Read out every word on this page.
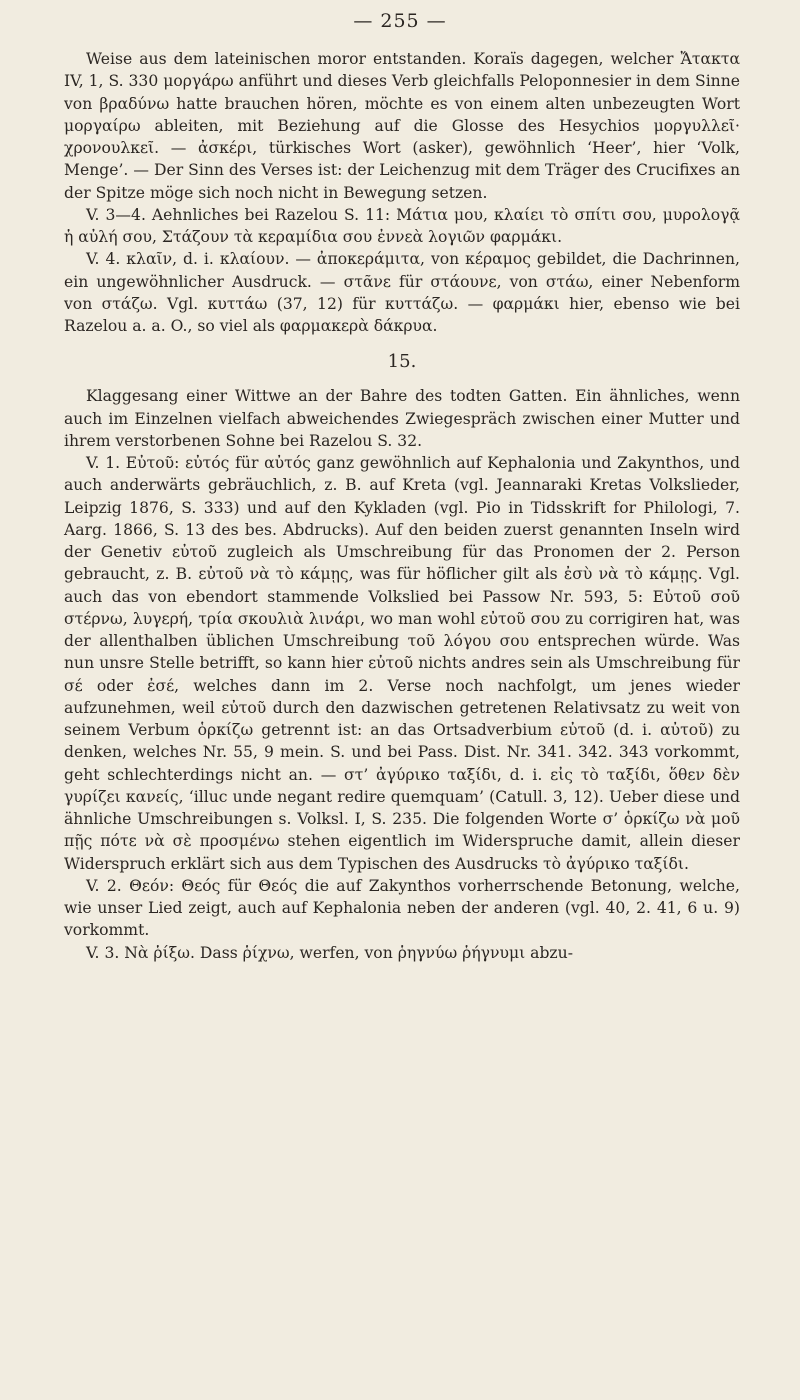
— 255 —

Weise aus dem lateinischen moror entstanden. Koraïs dagegen, welcher Ἄτακτα IV, 1, S. 330 μοργάρω anführt und dieses Verb gleichfalls Peloponnesier in dem Sinne von βραδύνω hatte brauchen hören, möchte es von einem alten unbezeugten Wort μοργαίρω ableiten, mit Beziehung auf die Glosse des Hesychios μοργυλλεῖ· χρονουλκεῖ. — ἀσκέρι, türkisches Wort (asker), gewöhnlich ‘Heer’, hier ‘Volk, Menge’. — Der Sinn des Verses ist: der Leichenzug mit dem Träger des Crucifixes an der Spitze möge sich noch nicht in Bewegung setzen.

V. 3—4. Aehnliches bei Razelou S. 11: Μάτια μου, κλαίει τὸ σπίτι σου, μυρολογᾷ ἡ αὐλή σου, Στάζουν τὰ κεραμίδια σου ἐννεὰ λογιῶν φαρμάκι.

V. 4. κλαῖν, d. i. κλαίουν. — ἀποκεράμιτα, von κέραμος gebildet, die Dachrinnen, ein ungewöhnlicher Ausdruck. — στᾶνε für στάουνε, von στάω, einer Nebenform von στάζω. Vgl. κυττάω (37, 12) für κυττάζω. — φαρμάκι hier, ebenso wie bei Razelou a. a. O., so viel als φαρμακερὰ δάκρυα.

15.

Klaggesang einer Wittwe an der Bahre des todten Gatten. Ein ähnliches, wenn auch im Einzelnen vielfach abweichendes Zwiegespräch zwischen einer Mutter und ihrem verstorbenen Sohne bei Razelou S. 32.

V. 1. Εὐτοῦ: εὐτός für αὐτός ganz gewöhnlich auf Kephalonia und Zakynthos, und auch anderwärts gebräuchlich, z. B. auf Kreta (vgl. Jeannaraki Kretas Volkslieder, Leipzig 1876, S. 333) und auf den Kykladen (vgl. Pio in Tidsskrift for Philologi, 7. Aarg. 1866, S. 13 des bes. Abdrucks). Auf den beiden zuerst genannten Inseln wird der Genetiv εὐτοῦ zugleich als Umschreibung für das Pronomen der 2. Person gebraucht, z. B. εὐτοῦ νὰ τὸ κάμῃς, was für höflicher gilt als ἐσὺ νὰ τὸ κάμῃς. Vgl. auch das von ebendort stammende Volkslied bei Passow Nr. 593, 5: Εὐτοῦ σοῦ στέρνω, λυγερή, τρία σκουλιὰ λινάρι, wo man wohl εὐτοῦ σου zu corrigiren hat, was der allenthalben üblichen Umschreibung τοῦ λόγου σου entsprechen würde. Was nun unsre Stelle betrifft, so kann hier εὐτοῦ nichts andres sein als Umschreibung für σέ oder ἐσέ, welches dann im 2. Verse noch nachfolgt, um jenes wieder aufzunehmen, weil εὐτοῦ durch den dazwischen getretenen Relativsatz zu weit von seinem Verbum ὁρκίζω getrennt ist: an das Ortsadverbium εὐτοῦ (d. i. αὐτοῦ) zu denken, welches Nr. 55, 9 mein. S. und bei Pass. Dist. Nr. 341. 342. 343 vorkommt, geht schlechterdings nicht an. — στ’ ἀγύρικο ταξίδι, d. i. εἰς τὸ ταξίδι, ὅθεν δὲν γυρίζει κανείς, ‘illuc unde negant redire quemquam’ (Catull. 3, 12). Ueber diese und ähnliche Umschreibungen s. Volksl. I, S. 235. Die folgenden Worte σ’ ὁρκίζω νὰ μοῦ πῇς πότε νὰ σὲ προσμένω stehen eigentlich im Widerspruche damit, allein dieser Widerspruch erklärt sich aus dem Typischen des Ausdrucks τὸ ἀγύρικο ταξίδι.

V. 2. Θεόν: Θεός für Θεός die auf Zakynthos vorherrschende Betonung, welche, wie unser Lied zeigt, auch auf Kephalonia neben der anderen (vgl. 40, 2. 41, 6 u. 9) vorkommt.

V. 3. Νὰ ῥίξω. Dass ῥίχνω, werfen, von ῥηγνύω ῥήγνυμι abzu-
